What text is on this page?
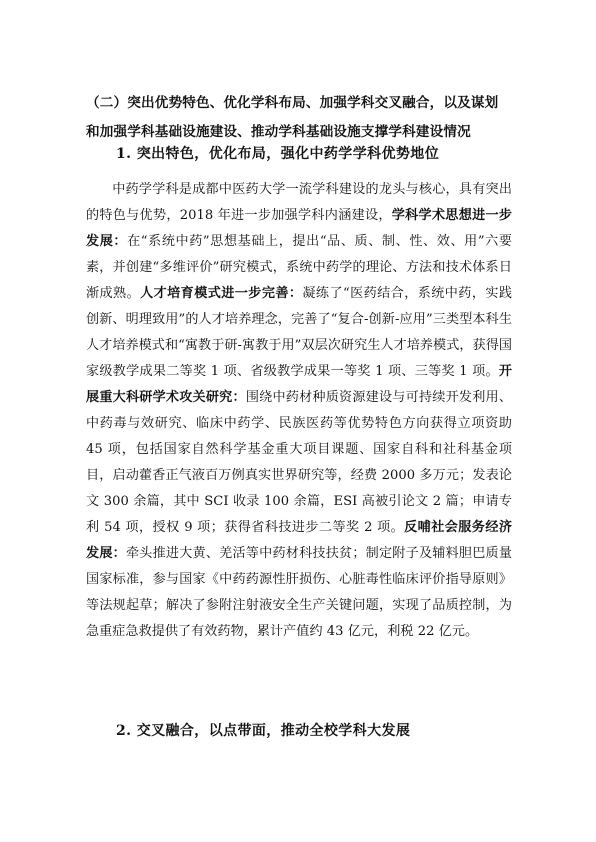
（二）突出优势特色、优化学科布局、加强学科交叉融合，以及谋划和加强学科基础设施建设、推动学科基础设施支撑学科建设情况
1. 突出特色，优化布局，强化中药学学科优势地位

中药学学科是成都中医药大学一流学科建设的龙头与核心，具有突出的特色与优势，2018 年进一步加强学科内涵建设，学科学术思想进一步发展：在“系统中药”思想基础上，提出“品、质、制、性、效、用”六要素，并创建“多维评价”研究模式，系统中药学的理论、方法和技术体系日渐成熟。人才培育模式进一步完善：凝练了“医药结合，系统中药，实践创新、明理致用”的人才培养理念，完善了“复合-创新-应用”三类型本科生人才培养模式和“寓教于研-寓教于用”双层次研究生人才培养模式，获得国家级教学成果二等奖 1 项、省级教学成果一等奖 1 项、三等奖 1 项。开展重大科研学术攻关研究：围绕中药材种质资源建设与可持续开发利用、中药毒与效研究、临床中药学、民族医药等优势特色方向获得立项资助 45 项，包括国家自然科学基金重大项目课题、国家自科和社科基金项目，启动藿香正气液百万例真实世界研究等，经费 2000 多万元；发表论文 300 余篇，其中 SCI 收录 100 余篇，ESI 高被引论文 2 篇；申请专利 54 项，授权 9 项；获得省科技进步二等奖 2 项。反哺社会服务经济发展：牵头推进大黄、羌活等中药材科技扶贫；制定附子及辅料胆巴质量国家标准，参与国家《中药药源性肝损伤、心脏毒性临床评价指导原则》等法规起草；解决了参附注射液安全生产关键问题，实现了品质控制，为急重症急救提供了有效药物，累计产值约 43 亿元，利税 22 亿元。

2. 交叉融合，以点带面，推动全校学科大发展
